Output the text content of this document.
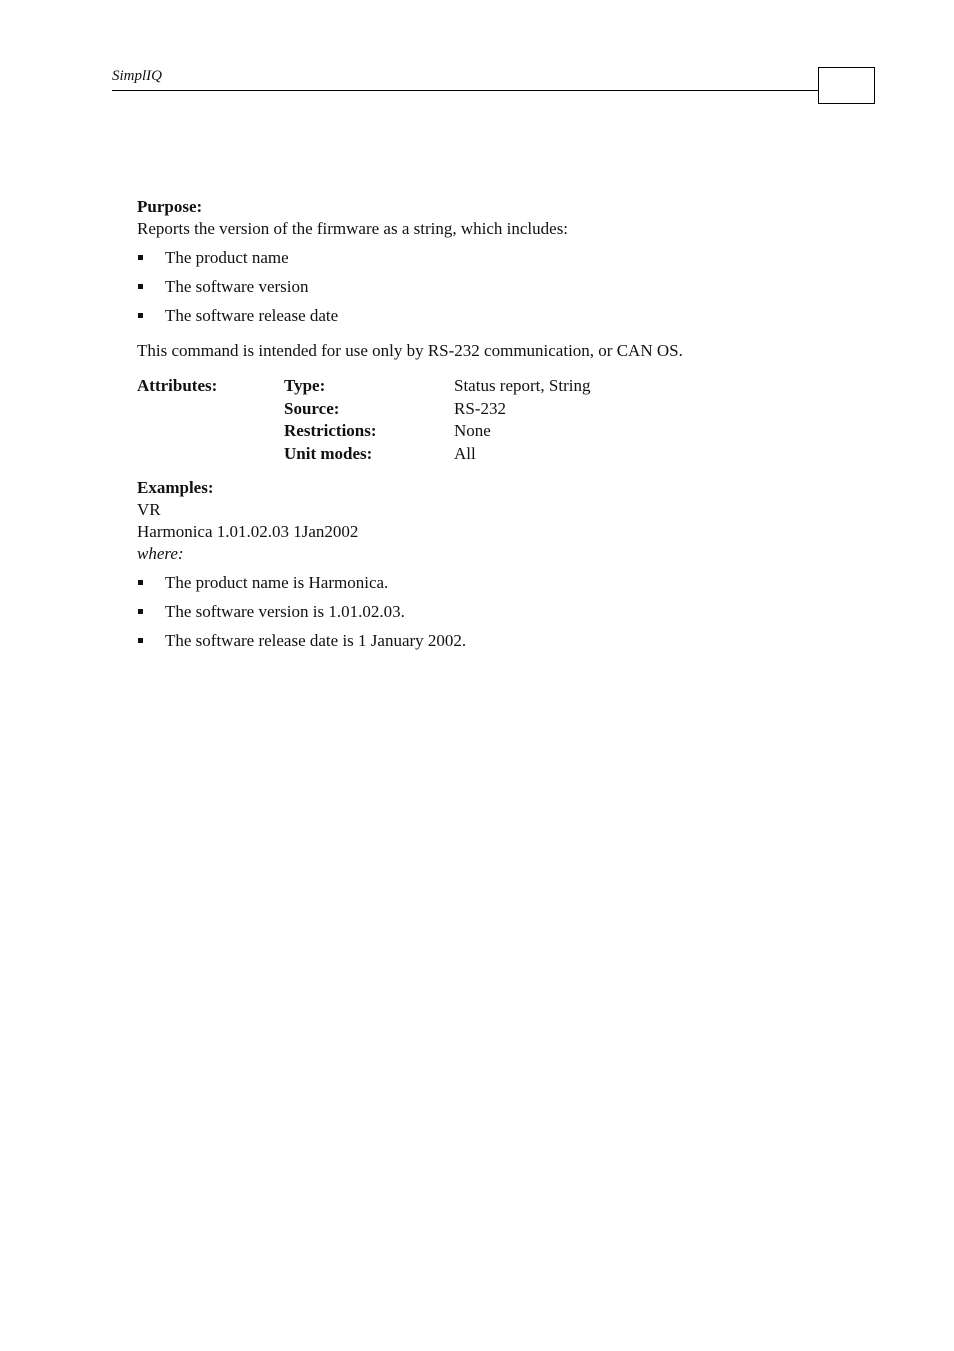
SimplIQ
Purpose:

Reports the version of the firmware as a string, which includes:

The product name
The software version
The software release date

This command is intended for use only by RS-232 communication, or CAN OS.

Attributes:	Type:	Status report, String
Source:	RS-232
Restrictions:	None
Unit modes:	All
Examples:
VR
Harmonica 1.01.02.03 1Jan2002
where:
The product name is Harmonica.
The software version is 1.01.02.03.
The software release date is 1 January 2002.
